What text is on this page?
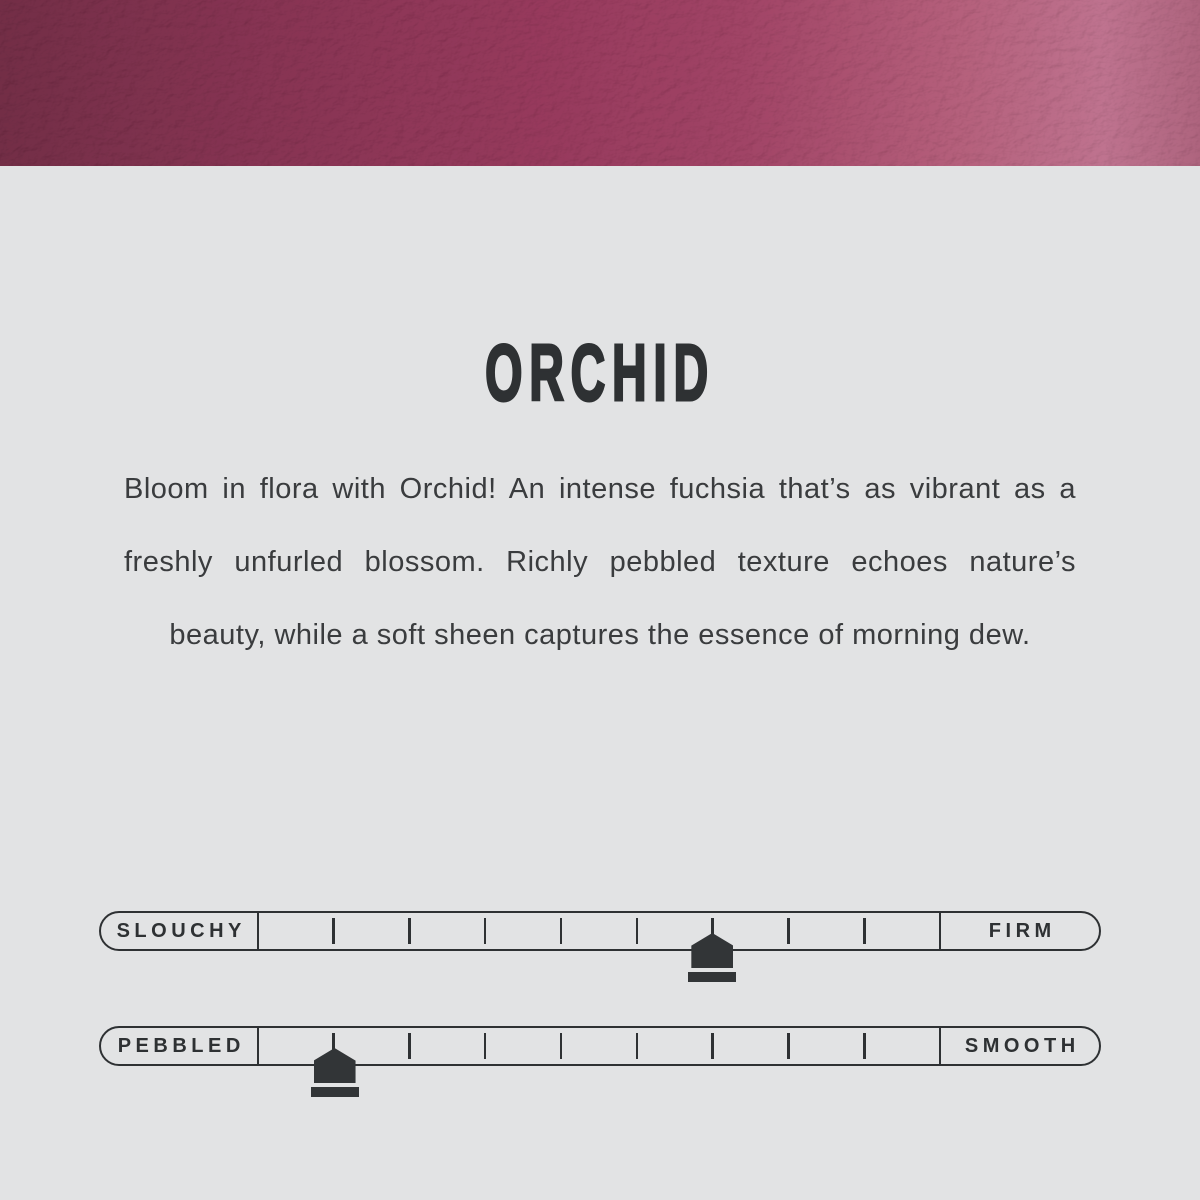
ORCHID

Bloom in flora with Orchid! An intense fuchsia that’s as vibrant as a
freshly unfurled blossom. Richly pebbled texture echoes nature’s
beauty, while a soft sheen captures the essence of morning dew.

SLOUCHY	FIRM
PEBBLED	SMOOTH
